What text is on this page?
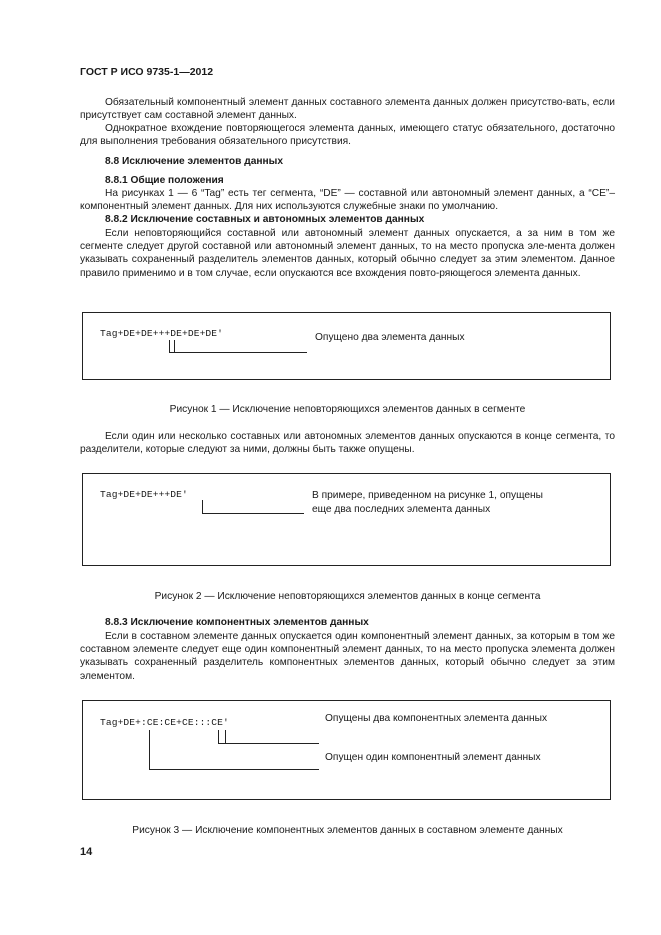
ГОСТ Р ИСО 9735-1—2012

Обязательный компонентный элемент данных составного элемента данных должен присутство-вать, если присутствует сам составной элемент данных.

Однократное вхождение повторяющегося элемента данных, имеющего статус обязательного, достаточно для выполнения требования обязательного присутствия.

8.8 Исключение элементов данных

8.8.1 Общие положения

На рисунках 1 — 6 “Tag” есть тег сегмента, “DE” — составной или автономный элемент данных, а “CE”– компонентный элемент данных. Для них используются служебные знаки по умолчанию.

8.8.2 Исключение составных и автономных элементов данных

Если неповторяющийся составной или автономный элемент данных опускается, а за ним в том же сегменте следует другой составной или автономный элемент данных, то на место пропуска эле-мента должен указывать сохраненный разделитель элементов данных, который обычно следует за этим элементом. Данное правило применимо и в том случае, если опускаются все вхождения повто-ряющегося элемента данных.

Tag+DE+DE+++DE+DE+DE'	Опущено два элемента данных

Рисунок 1 — Исключение неповторяющихся элементов данных в сегменте

Если один или несколько составных или автономных элементов данных опускаются в конце сегмента, то разделители, которые следуют за ними, должны быть также опущены.

Tag+DE+DE+++DE'	В примере, приведенном на рисунке 1, опущены
еще два последних элемента данных

Рисунок 2 — Исключение неповторяющихся элементов данных в конце сегмента

8.8.3 Исключение компонентных элементов данных

Если в составном элементе данных опускается один компонентный элемент данных, за которым в том же составном элементе следует еще один компонентный элемент данных, то на место пропуска элемента должен указывать сохраненный разделитель компонентных элементов данных, который обычно следует за этим элементом.

Tag+DE+:CE:CE+CE:::CE'	Опущены два компонентных элемента данных
Опущен один компонентный элемент данных

Рисунок 3 — Исключение компонентных элементов данных в составном элементе данных

14
